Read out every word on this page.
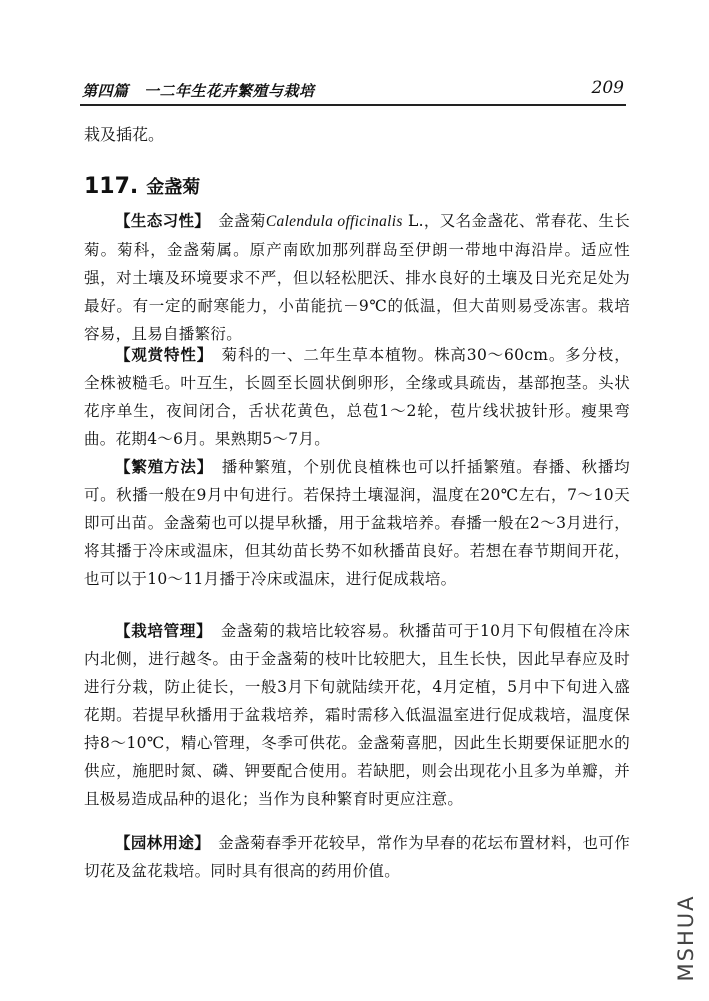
第四篇　一二年生花卉繁殖与栽培	209
栽及插花。
117. 金盏菊
【生态习性】　金盏菊Calendula officinalis L.，又名金盏花、常春花、生长菊。菊科，金盏菊属。原产南欧加那列群岛至伊朗一带地中海沿岸。适应性强，对土壤及环境要求不严，但以轻松肥沃、排水良好的土壤及日光充足处为最好。有一定的耐寒能力，小苗能抗－9℃的低温，但大苗则易受冻害。栽培容易，且易自播繁衍。
【观赏特性】　菊科的一、二年生草本植物。株高30～60cm。多分枝，全株被糙毛。叶互生，长圆至长圆状倒卵形，全缘或具疏齿，基部抱茎。头状花序单生，夜间闭合，舌状花黄色，总苞1～2轮，苞片线状披针形。瘦果弯曲。花期4～6月。果熟期5～7月。
【繁殖方法】　播种繁殖，个别优良植株也可以扦插繁殖。春播、秋播均可。秋播一般在9月中旬进行。若保持土壤湿润，温度在20℃左右，7～10天即可出苗。金盏菊也可以提早秋播，用于盆栽培养。春播一般在2～3月进行，将其播于冷床或温床，但其幼苗长势不如秋播苗良好。若想在春节期间开花，也可以于10～11月播于冷床或温床，进行促成栽培。
【栽培管理】　金盏菊的栽培比较容易。秋播苗可于10月下旬假植在冷床内北侧，进行越冬。由于金盏菊的枝叶比较肥大，且生长快，因此早春应及时进行分栽，防止徒长，一般3月下旬就陆续开花，4月定植，5月中下旬进入盛花期。若提早秋播用于盆栽培养，霜时需移入低温温室进行促成栽培，温度保持8～10℃，精心管理，冬季可供花。金盏菊喜肥，因此生长期要保证肥水的供应，施肥时氮、磷、钾要配合使用。若缺肥，则会出现花小且多为单瓣，并且极易造成品种的退化；当作为良种繁育时更应注意。
【园林用途】　金盏菊春季开花较早，常作为早春的花坛布置材料，也可作切花及盆花栽培。同时具有很高的药用价值。
MSHUA
